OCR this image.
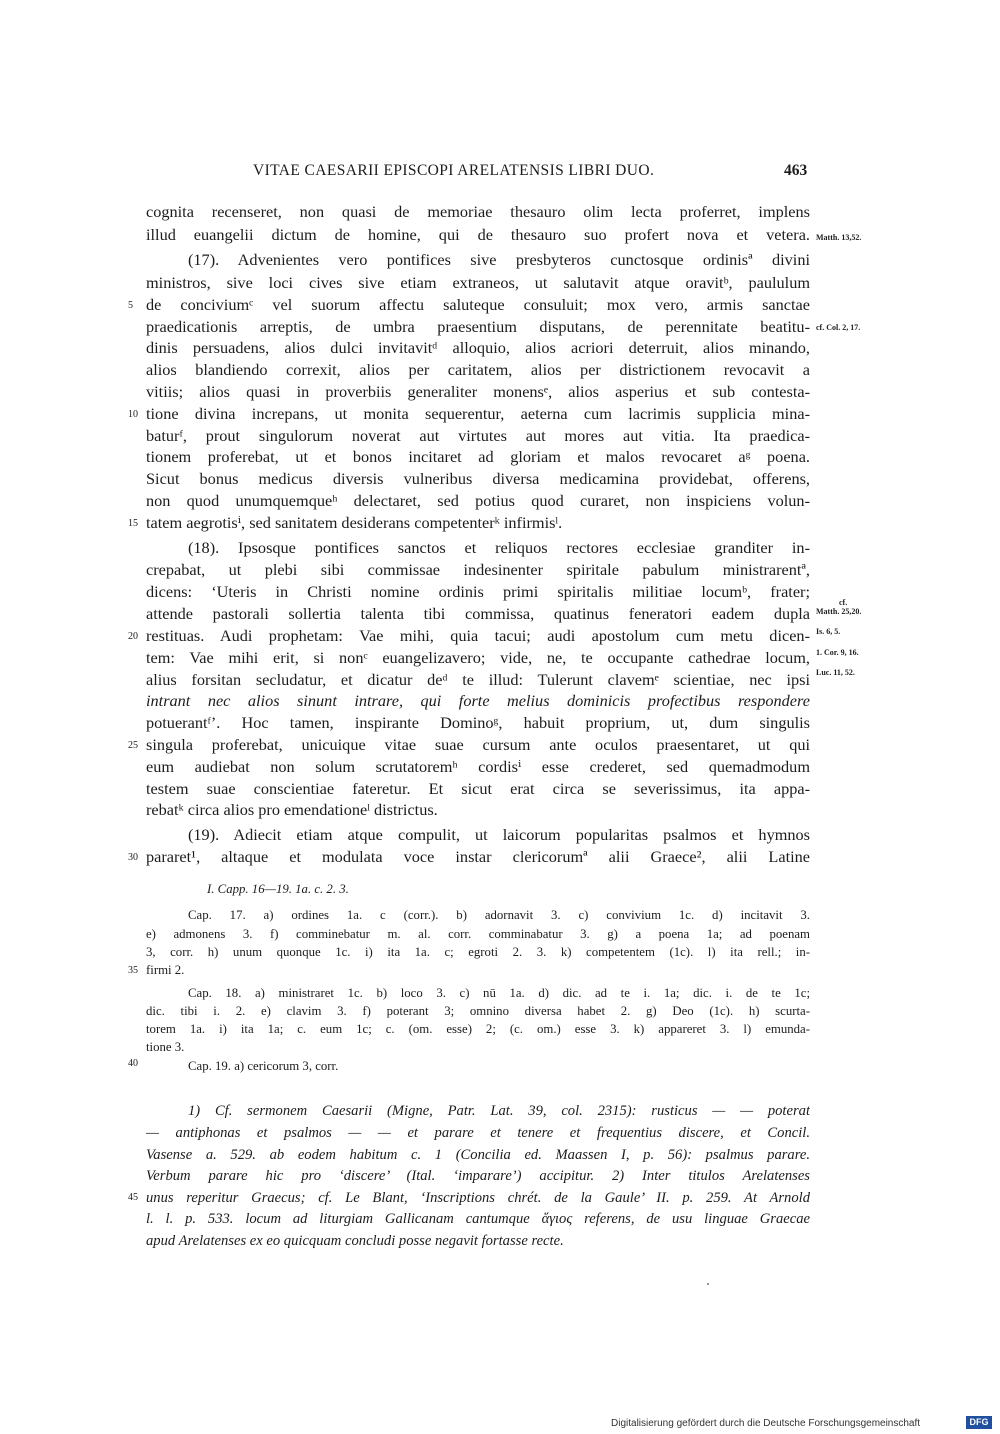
VITAE CAESARII EPISCOPI ARELATENSIS LIBRI DUO.	463
cognita recenseret, non quasi de memoriae thesauro olim lecta proferret, implens
illud euangelii dictum de homine, qui de thesauro suo profert nova et vetera.
(17). Advenientes vero pontifices sive presbyteros cunctosque ordinisª divini
ministros, sive loci cives sive etiam extraneos, ut salutavit atque oravitᵇ, paululum
de conciviumᶜ vel suorum affectu saluteque consuluit; mox vero, armis sanctae
praedicationis arreptis, de umbra praesentium disputans, de perennitate beatitu-
dinis persuadens, alios dulci invitavitᵈ alloquio, alios acriori deterruit, alios minando,
alios blandiendo correxit, alios per caritatem, alios per districtionem revocavit a
vitiis; alios quasi in proverbiis generaliter monensᵉ, alios asperius et sub contesta-
tione divina increpans, ut monita sequerentur, aeterna cum lacrimis supplicia mina-
baturᶠ, prout singulorum noverat aut virtutes aut mores aut vitia. Ita praedica-
tionem proferebat, ut et bonos incitaret ad gloriam et malos revocaret aᵍ poena.
Sicut bonus medicus diversis vulneribus diversa medicamina providebat, offerens,
non quod unumquemqueʰ delectaret, sed potius quod curaret, non inspiciens volun-
tatem aegrotisⁱ, sed sanitatem desiderans competenterᵏ infirmisˡ.
(18). Ipsosque pontifices sanctos et reliquos rectores ecclesiae granditer in-
crepabat, ut plebi sibi commissae indesinenter spiritale pabulum ministrarentª,
dicens: ‘Uteris in Christi nomine ordinis primi spiritalis militiae locumᵇ, frater;
attende pastorali sollertia talenta tibi commissa, quatinus feneratori eadem dupla
restituas. Audi prophetam: Vae mihi, quia tacui; audi apostolum cum metu dicen-
tem: Vae mihi erit, si nonᶜ euangelizavero; vide, ne, te occupante cathedrae locum,
alius forsitan secludatur, et dicatur deᵈ te illud: Tulerunt clavemᵉ scientiae, nec ipsi
intrant nec alios sinunt intrare, qui forte melius dominicis profectibus respondere
potuerantᶠ’. Hoc tamen, inspirante Dominoᵍ, habuit proprium, ut, dum singulis
singula proferebat, unicuique vitae suae cursum ante oculos praesentaret, ut qui
eum audiebat non solum scrutatoremʰ cordisⁱ esse crederet, sed quemadmodum
testem suae conscientiae fateretur. Et sicut erat circa se severissimus, ita appa-
rebatᵏ circa alios pro emendationeˡ districtus.
(19). Adiecit etiam atque compulit, ut laicorum popularitas psalmos et hymnos
pararet¹, altaque et modulata voce instar clericorumª alii Graece², alii Latine
5
10
15
20
25
30
Matth. 13,52.
cf. Col. 2, 17.
cf.
Matth. 25,20.
Is. 6, 5.
1. Cor. 9, 16.
Luc. 11, 52.
I. Capp. 16—19. 1a. c. 2. 3.
Cap. 17. a) ordines 1a. c (corr.). b) adornavit 3. c) convivium 1c. d) incitavit 3.
e) admonens 3. f) comminebatur m. al. corr. comminabatur 3. g) a poena 1a; ad poenam
3, corr. h) unum quonque 1c. i) ita 1a. c; egroti 2. 3. k) competentem (1c). l) ita rell.; in-
firmi 2.
Cap. 18. a) ministraret 1c. b) loco 3. c) nū 1a. d) dic. ad te i. 1a; dic. i. de te 1c;
dic. tibi i. 2. e) clavim 3. f) poterant 3; omnino diversa habet 2. g) Deo (1c). h) scurta-
torem 1a. i) ita 1a; c. eum 1c; c. (om. esse) 2; (c. om.) esse 3. k) appareret 3. l) emunda-
tione 3.
Cap. 19. a) cericorum 3, corr.
35
40
1) Cf. sermonem Caesarii (Migne, Patr. Lat. 39, col. 2315): rusticus — — poterat
— antiphonas et psalmos — — et parare et tenere et frequentius discere, et Concil.
Vasense a. 529. ab eodem habitum c. 1 (Concilia ed. Maassen I, p. 56): psalmus parare.
Verbum parare hic pro ‘discere’ (Ital. ‘imparare’) accipitur. 2) Inter titulos Arelatenses
unus reperitur Graecus; cf. Le Blant, ‘Inscriptions chrét. de la Gaule’ II. p. 259. At Arnold
l. l. p. 533. locum ad liturgiam Gallicanam cantumque ἅγιος referens, de usu linguae Graecae
apud Arelatenses ex eo quicquam concludi posse negavit fortasse recte.
45
Digitalisierung gefördert durch die Deutsche Forschungsgemeinschaft	DFG
